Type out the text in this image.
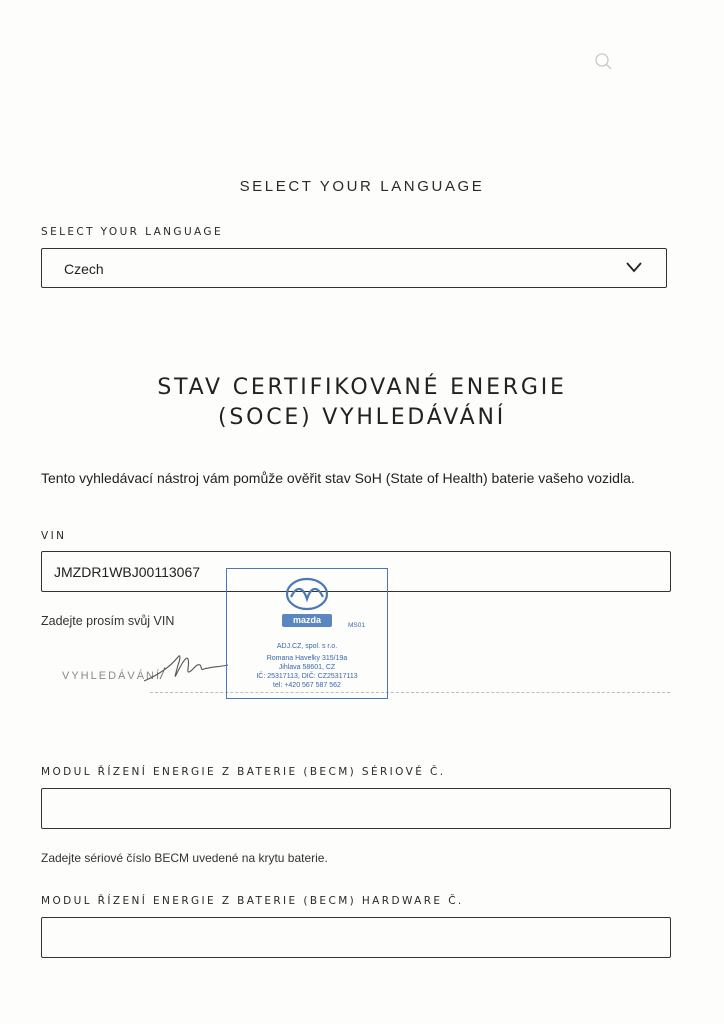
SELECT YOUR LANGUAGE
SELECT YOUR LANGUAGE
Czech
STAV CERTIFIKOVANÉ ENERGIE
(SOCE) VYHLEDÁVÁNÍ
Tento vyhledávací nástroj vám pomůže ověřit stav SoH (State of Health) baterie vašeho vozidla.
VIN
JMZDR1WBJ00113067
Zadejte prosím svůj VIN
VYHLEDÁVÁNÍ
mazda
MS01
ADJ.CZ, spol. s r.o.
Romana Havelky 315/19a
Jihlava 58601, CZ
IČ: 25317113, DIČ: CZ25317113
tel: +420 567 587 562
MODUL ŘÍZENÍ ENERGIE Z BATERIE (BECM) SÉRIOVÉ Č.
Zadejte sériové číslo BECM uvedené na krytu baterie.
MODUL ŘÍZENÍ ENERGIE Z BATERIE (BECM) HARDWARE Č.
